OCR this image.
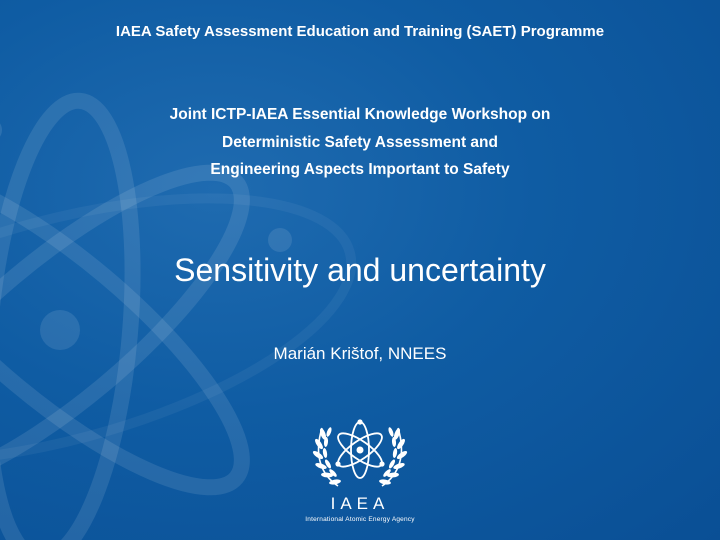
IAEA Safety Assessment Education and Training (SAET) Programme
Joint ICTP-IAEA Essential Knowledge Workshop on
Deterministic Safety Assessment and
Engineering Aspects Important to Safety
Sensitivity and uncertainty
Marián Krištof, NNEES
IAEA
International Atomic Energy Agency
